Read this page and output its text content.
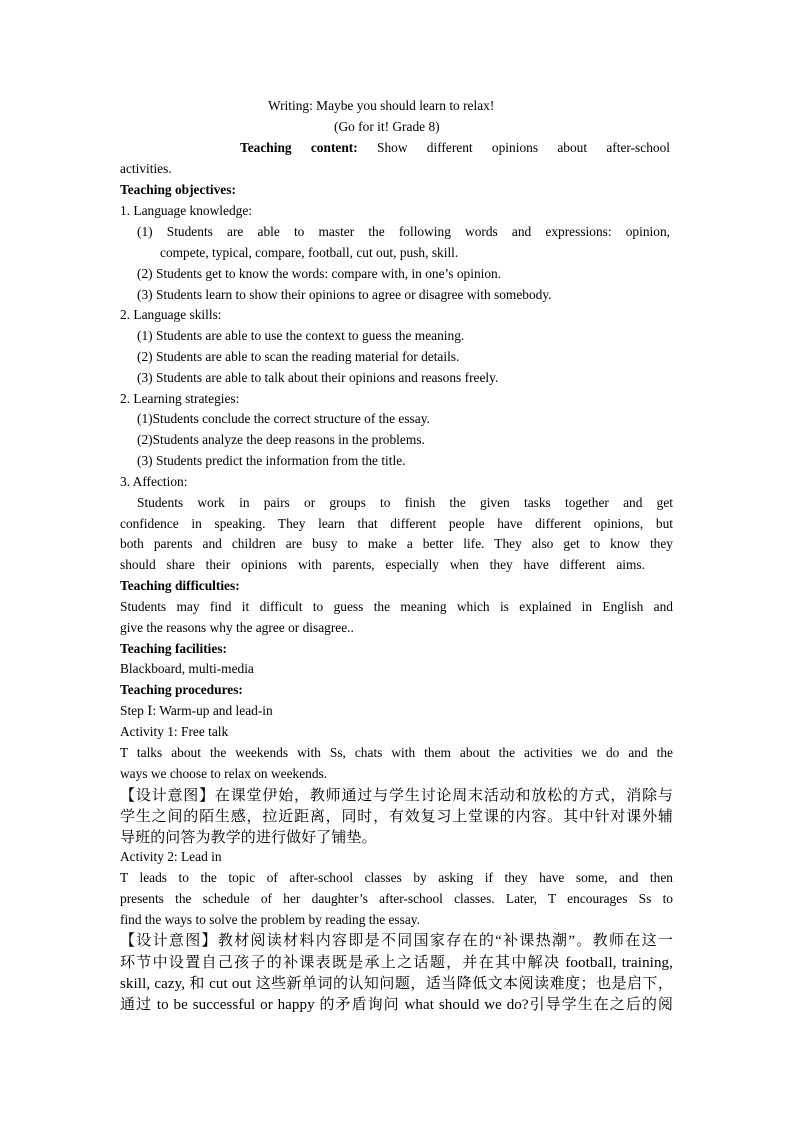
Writing: Maybe you should learn to relax!
(Go for it! Grade 8)
Teaching content: Show different opinions about after-school
activities.
Teaching objectives:
1. Language knowledge:
(1) Students are able to master the following words and expressions: opinion,
compete, typical, compare, football, cut out, push, skill.
(2) Students get to know the words: compare with, in one’s opinion.
(3) Students learn to show their opinions to agree or disagree with somebody.
2. Language skills:
(1) Students are able to use the context to guess the meaning.
(2) Students are able to scan the reading material for details.
(3) Students are able to talk about their opinions and reasons freely.
2. Learning strategies:
(1)Students conclude the correct structure of the essay.
(2)Students analyze the deep reasons in the problems.
(3) Students predict the information from the title.
3. Affection:
Students work in pairs or groups to finish the given tasks together and get
confidence in speaking. They learn that different people have different opinions, but
both parents and children are busy to make a better life. They also get to know they
should share their opinions with parents, especially when they have different aims.
Teaching difficulties:
Students may find it difficult to guess the meaning which is explained in English and
give the reasons why the agree or disagree..
Teaching facilities:
Blackboard, multi-media
Teaching procedures:
Step Ⅰ: Warm-up and lead-in
Activity 1: Free talk
T talks about the weekends with Ss, chats with them about the activities we do and the
ways we choose to relax on weekends.
【设计意图】在课堂伊始，教师通过与学生讨论周末活动和放松的方式，消除与
学生之间的陌生感，拉近距离，同时，有效复习上堂课的内容。其中针对课外辅
导班的问答为教学的进行做好了铺垫。
Activity 2: Lead in
T leads to the topic of after-school classes by asking if they have some, and then
presents the schedule of her daughter’s after-school classes. Later, T encourages Ss to
find the ways to solve the problem by reading the essay.
【设计意图】教材阅读材料内容即是不同国家存在的“补课热潮”。教师在这一
环节中设置自己孩子的补课表既是承上之话题，并在其中解决 football, training,
skill, cazy, 和 cut out 这些新单词的认知问题，适当降低文本阅读难度；也是启下，
通过 to be successful or happy 的矛盾询问 what should we do?引导学生在之后的阅
